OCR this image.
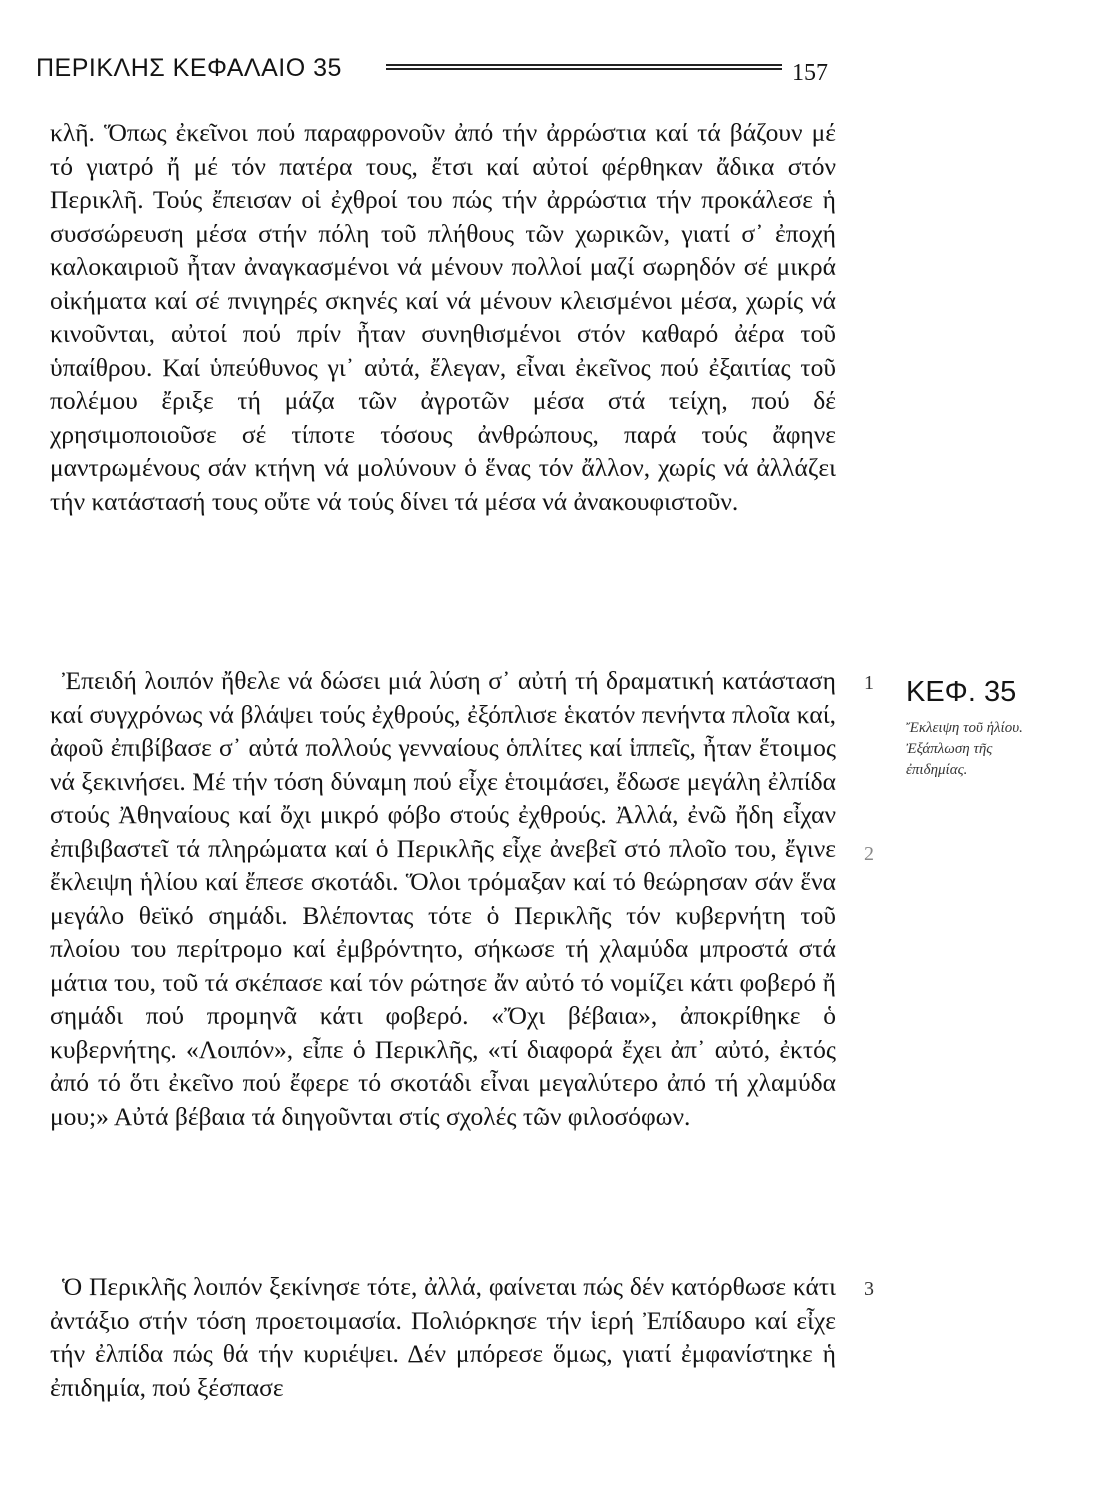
ΠΕΡΙΚΛΗΣ ΚΕΦΑΛΑΙΟ 35	157

κλῆ. Ὅπως ἐκεῖνοι πού παραφρονοῦν ἀπό τήν ἀρρώστια καί τά βάζουν μέ τό γιατρό ἤ μέ τόν πατέρα τους, ἔτσι καί αὐτοί φέρθηκαν ἄδικα στόν Περικλῆ. Τούς ἔπεισαν οἱ ἐχθροί του πώς τήν ἀρρώστια τήν προκάλεσε ἡ συσσώρευση μέσα στήν πόλη τοῦ πλήθους τῶν χωρικῶν, γιατί σ᾽ ἐποχή καλοκαιριοῦ ἦταν ἀναγκασμένοι νά μένουν πολλοί μαζί σωρηδόν σέ μικρά οἰκήματα καί σέ πνιγηρές σκηνές καί νά μένουν κλεισμένοι μέσα, χωρίς νά κινοῦνται, αὐτοί πού πρίν ἦταν συνηθισμένοι στόν καθαρό ἀέρα τοῦ ὑπαίθρου. Καί ὑπεύθυνος γι᾽ αὐτά, ἔλεγαν, εἶναι ἐκεῖνος πού ἐξαιτίας τοῦ πολέμου ἔριξε τή μάζα τῶν ἀγροτῶν μέσα στά τείχη, πού δέ χρησιμοποιοῦσε σέ τίποτε τόσους ἀνθρώπους, παρά τούς ἄφηνε μαντρωμένους σάν κτήνη νά μολύνουν ὁ ἕνας τόν ἄλλον, χωρίς νά ἀλλάζει τήν κατάστασή τους οὔτε νά τούς δίνει τά μέσα νά ἀνακουφιστοῦν.

Ἐπειδή λοιπόν ἤθελε νά δώσει μιά λύση σ᾽ αὐτή τή δραματική κατάσταση καί συγχρόνως νά βλάψει τούς ἐχθρούς, ἐξόπλισε ἑκατόν πενήντα πλοῖα καί, ἀφοῦ ἐπιβίβασε σ᾽ αὐτά πολλούς γενναίους ὁπλίτες καί ἱππεῖς, ἦταν ἕτοιμος νά ξεκινήσει. Μέ τήν τόση δύναμη πού εἶχε ἑτοιμάσει, ἔδωσε μεγάλη ἐλπίδα στούς Ἀθηναίους καί ὄχι μικρό φόβο στούς ἐχθρούς. Ἀλλά, ἐνῶ ἤδη εἶχαν ἐπιβιβαστεῖ τά πληρώματα καί ὁ Περικλῆς εἶχε ἀνεβεῖ στό πλοῖο του, ἔγινε ἔκλειψη ἡλίου καί ἔπεσε σκοτάδι. Ὅλοι τρόμαξαν καί τό θεώρησαν σάν ἕνα μεγάλο θεϊκό σημάδι. Βλέποντας τότε ὁ Περικλῆς τόν κυβερνήτη τοῦ πλοίου του περίτρομο καί ἐμβρόντητο, σήκωσε τή χλαμύδα μπροστά στά μάτια του, τοῦ τά σκέπασε καί τόν ρώτησε ἄν αὐτό τό νομίζει κάτι φοβερό ἤ σημάδι πού προμηνᾶ κάτι φοβερό. «Ὄχι βέβαια», ἀποκρίθηκε ὁ κυβερνήτης. «Λοιπόν», εἶπε ὁ Περικλῆς, «τί διαφορά ἔχει ἀπ᾽ αὐτό, ἐκτός ἀπό τό ὅτι ἐκεῖνο πού ἔφερε τό σκοτάδι εἶναι μεγαλύτερο ἀπό τή χλαμύδα μου;» Αὐτά βέβαια τά διηγοῦνται στίς σχολές τῶν φιλοσόφων.

Ὁ Περικλῆς λοιπόν ξεκίνησε τότε, ἀλλά, φαίνεται πώς δέν κατόρθωσε κάτι ἀντάξιο στήν τόση προετοιμασία. Πολιόρκησε τήν ἱερή Ἐπίδαυρο καί εἶχε τήν ἐλπίδα πώς θά τήν κυριέψει. Δέν μπόρεσε ὅμως, γιατί ἐμφανίστηκε ἡ ἐπιδημία, πού ξέσπασε

1
2
3
ΚΕΦ. 35
Ἔκλειψη τοῦ ἡλίου. Ἐξάπλωση τῆς ἐπιδημίας.
